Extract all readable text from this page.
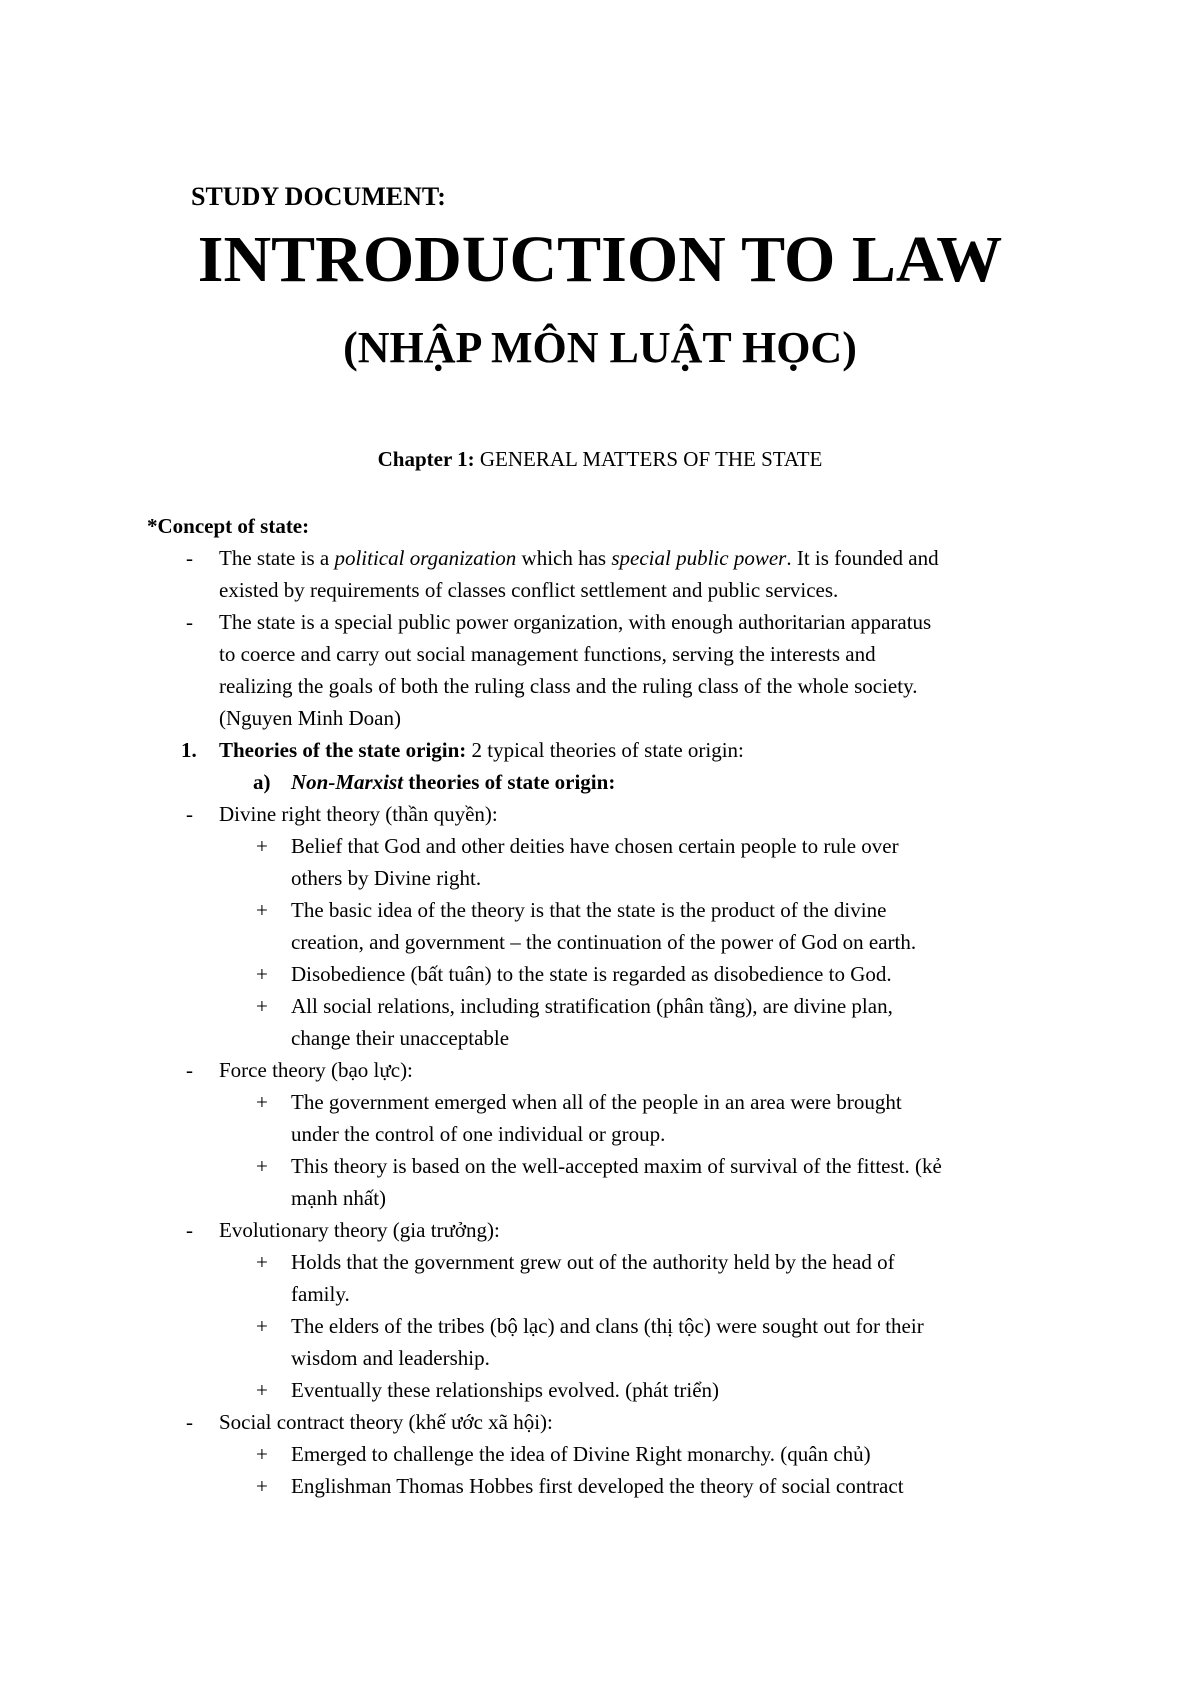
STUDY DOCUMENT:
INTRODUCTION TO LAW
(NHẬP MÔN LUẬT HỌC)
Chapter 1: GENERAL MATTERS OF THE STATE
*Concept of state:
- The state is a political organization which has special public power. It is founded and
existed by requirements of classes conflict settlement and public services.
- The state is a special public power organization, with enough authoritarian apparatus
to coerce and carry out social management functions, serving the interests and
realizing the goals of both the ruling class and the ruling class of the whole society.
(Nguyen Minh Doan)
1. Theories of the state origin: 2 typical theories of state origin:
a) Non-Marxist theories of state origin:
- Divine right theory (thần quyền):
+ Belief that God and other deities have chosen certain people to rule over
others by Divine right.
+ The basic idea of the theory is that the state is the product of the divine
creation, and government – the continuation of the power of God on earth.
+ Disobedience (bất tuân) to the state is regarded as disobedience to God.
+ All social relations, including stratification (phân tầng), are divine plan,
change their unacceptable
- Force theory (bạo lực):
+ The government emerged when all of the people in an area were brought
under the control of one individual or group.
+ This theory is based on the well-accepted maxim of survival of the fittest. (kẻ
mạnh nhất)
- Evolutionary theory (gia trưởng):
+ Holds that the government grew out of the authority held by the head of
family.
+ The elders of the tribes (bộ lạc) and clans (thị tộc) were sought out for their
wisdom and leadership.
+ Eventually these relationships evolved. (phát triển)
- Social contract theory (khế ước xã hội):
+ Emerged to challenge the idea of Divine Right monarchy. (quân chủ)
+ Englishman Thomas Hobbes first developed the theory of social contract
